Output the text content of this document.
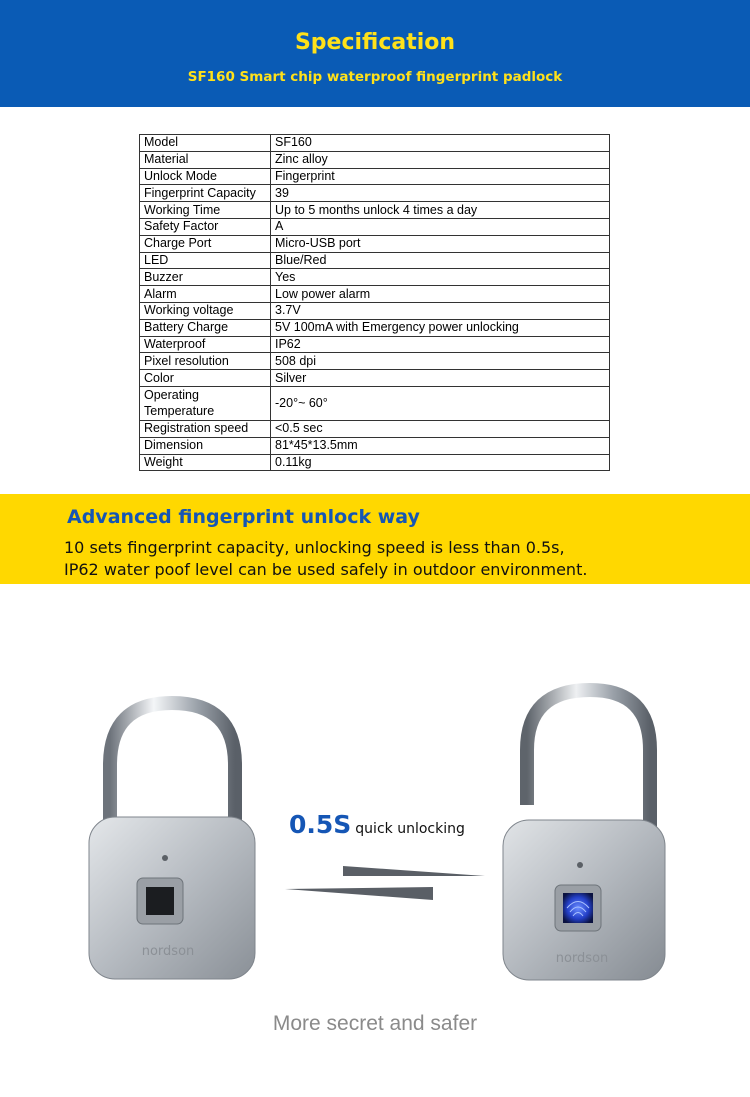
Specification
SF160 Smart chip waterproof fingerprint padlock
Model	SF160
Material	Zinc alloy
Unlock Mode	Fingerprint
Fingerprint Capacity	39
Working Time	Up to 5 months unlock 4 times a day
Safety Factor	A
Charge Port	Micro-USB port
LED	Blue/Red
Buzzer	Yes
Alarm	Low power alarm
Working voltage	3.7V
Battery Charge	5V 100mA with Emergency power unlocking
Waterproof	IP62
Pixel resolution	508 dpi
Color	Silver
Operating Temperature	-20°~ 60°
Registration speed	<0.5 sec
Dimension	81*45*13.5mm
Weight	0.11kg
Advanced fingerprint unlock way
10 sets fingerprint capacity, unlocking speed is less than 0.5s,
IP62 water poof level can be used safely in outdoor environment.
nordson	nordson
0.5S quick unlocking
More secret and safer
